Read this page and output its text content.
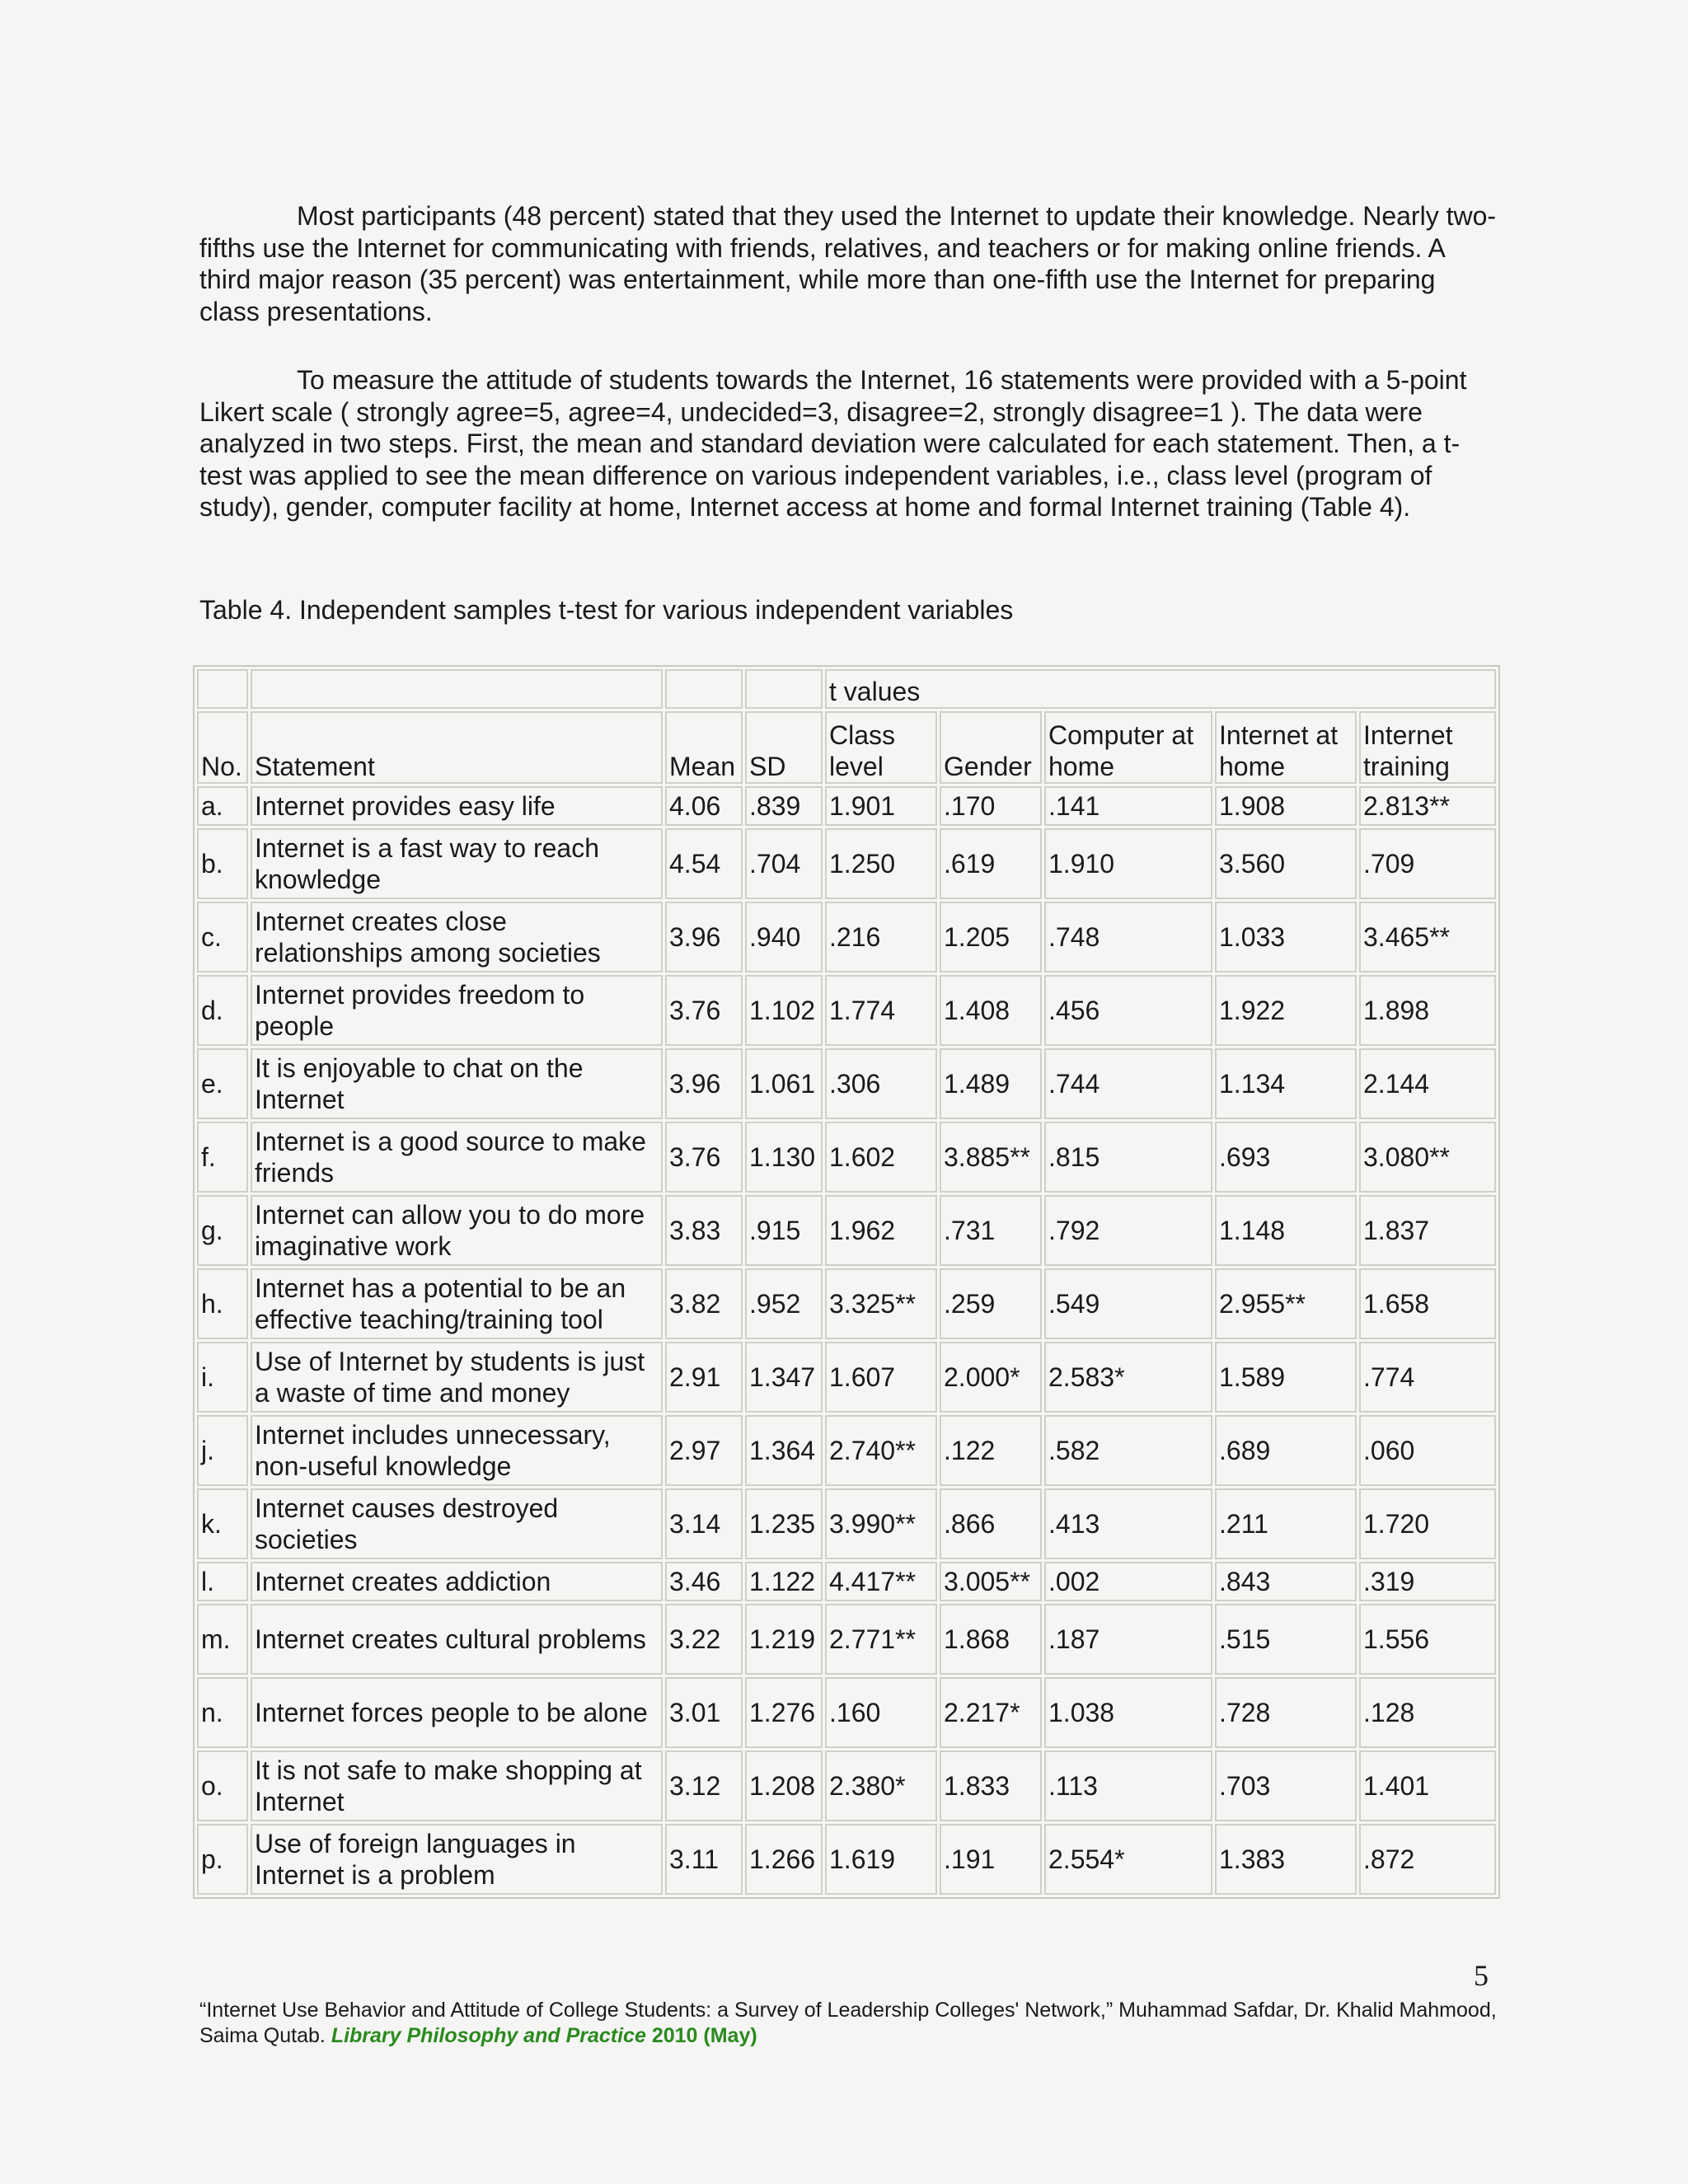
Most participants (48 percent) stated that they used the Internet to update their knowledge. Nearly two-fifths use the Internet for communicating with friends, relatives, and teachers or for making online friends. A third major reason (35 percent) was entertainment, while more than one-fifth use the Internet for preparing class presentations.

To measure the attitude of students towards the Internet, 16 statements were provided with a 5-point Likert scale ( strongly agree=5, agree=4, undecided=3, disagree=2, strongly disagree=1 ). The data were analyzed in two steps. First, the mean and standard deviation were calculated for each statement. Then, a t-test was applied to see the mean difference on various independent variables, i.e., class level (program of study), gender, computer facility at home, Internet access at home and formal Internet training (Table 4).

Table 4. Independent samples t-test for various independent variables

				t values				
No.	Statement	Mean	SD	Class level	Gender	Computer at home	Internet at home	Internet training
a.	Internet provides easy life	4.06	.839	1.901	.170	.141	1.908	2.813**
b.	Internet is a fast way to reach knowledge	4.54	.704	1.250	.619	1.910	3.560	.709
c.	Internet creates close relationships among societies	3.96	.940	.216	1.205	.748	1.033	3.465**
d.	Internet provides freedom to people	3.76	1.102	1.774	1.408	.456	1.922	1.898
e.	It is enjoyable to chat on the Internet	3.96	1.061	.306	1.489	.744	1.134	2.144
f.	Internet is a good source to make friends	3.76	1.130	1.602	3.885**	.815	.693	3.080**
g.	Internet can allow you to do more imaginative work	3.83	.915	1.962	.731	.792	1.148	1.837
h.	Internet has a potential to be an effective teaching/training tool	3.82	.952	3.325**	.259	.549	2.955**	1.658
i.	Use of Internet by students is just a waste of time and money	2.91	1.347	1.607	2.000*	2.583*	1.589	.774
j.	Internet includes unnecessary, non-useful knowledge	2.97	1.364	2.740**	.122	.582	.689	.060
k.	Internet causes destroyed societies	3.14	1.235	3.990**	.866	.413	.211	1.720
l.	Internet creates addiction	3.46	1.122	4.417**	3.005**	.002	.843	.319
m.	Internet creates cultural problems	3.22	1.219	2.771**	1.868	.187	.515	1.556
n.	Internet forces people to be alone	3.01	1.276	.160	2.217*	1.038	.728	.128
o.	It is not safe to make shopping at Internet	3.12	1.208	2.380*	1.833	.113	.703	1.401
p.	Use of foreign languages in Internet is a problem	3.11	1.266	1.619	.191	2.554*	1.383	.872

5

“Internet Use Behavior and Attitude of College Students: a Survey of Leadership Colleges' Network,” Muhammad Safdar, Dr. Khalid Mahmood, Saima Qutab. Library Philosophy and Practice 2010 (May)
